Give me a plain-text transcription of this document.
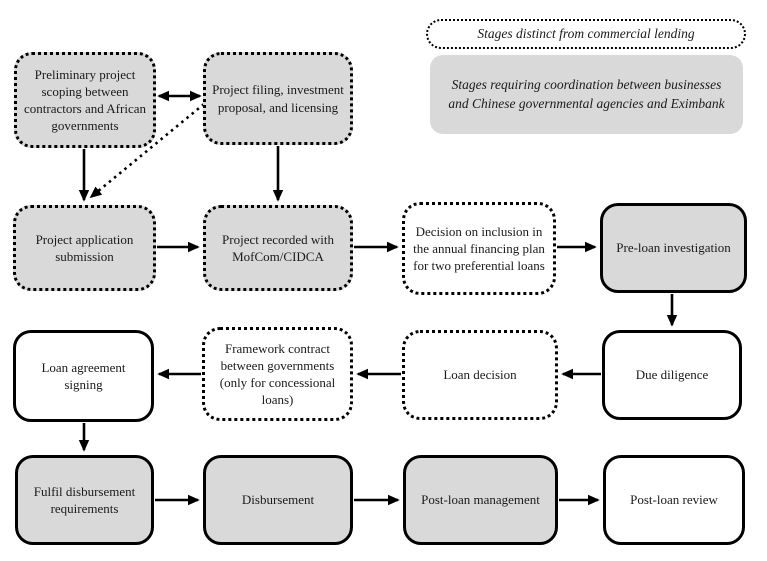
Preliminary project scoping between contractors and African governments
Project filing, investment proposal, and licensing
Project application submission
Project recorded with MofCom/CIDCA
Decision on inclusion in the annual financing plan for two preferential loans
Pre-loan investigation
Loan agreement signing
Framework contract between governments (only for concessional loans)
Loan decision	Due diligence
Fulfil disbursement requirements
Disbursement	Post-loan management	Post-loan review
Stages distinct from commercial lending
Stages requiring coordination between businesses and Chinese governmental agencies and Eximbank
